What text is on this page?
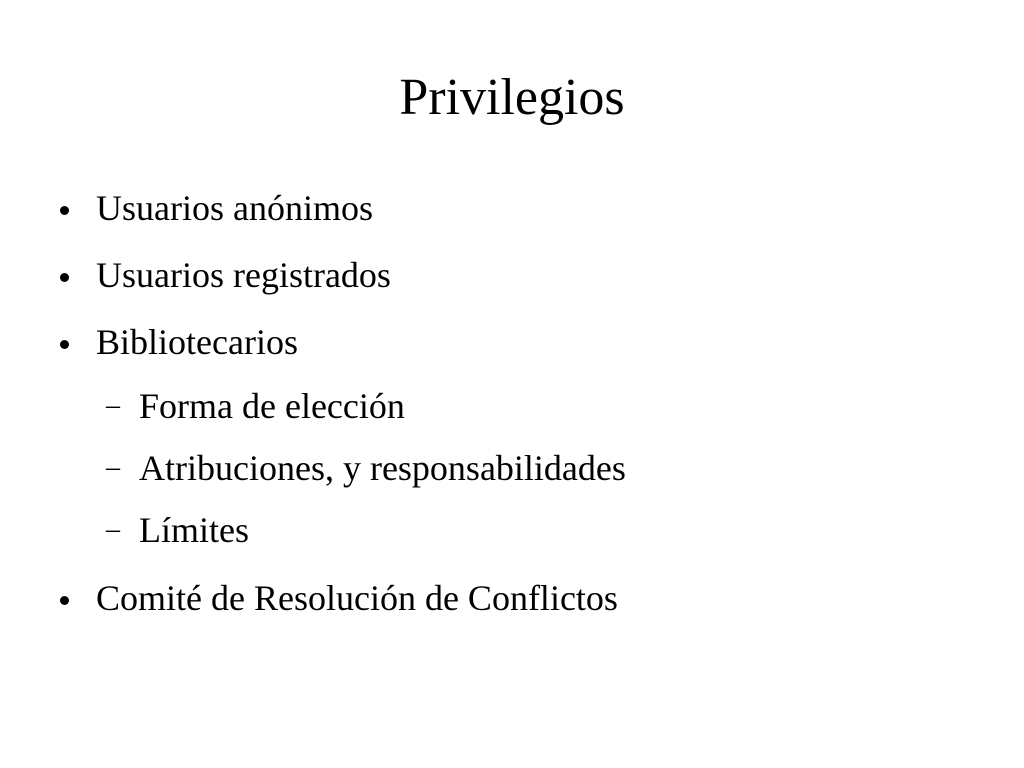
Privilegios
Usuarios anónimos
Usuarios registrados
Bibliotecarios
– Forma de elección
– Atribuciones, y responsabilidades
– Límites
Comité de Resolución de Conflictos
